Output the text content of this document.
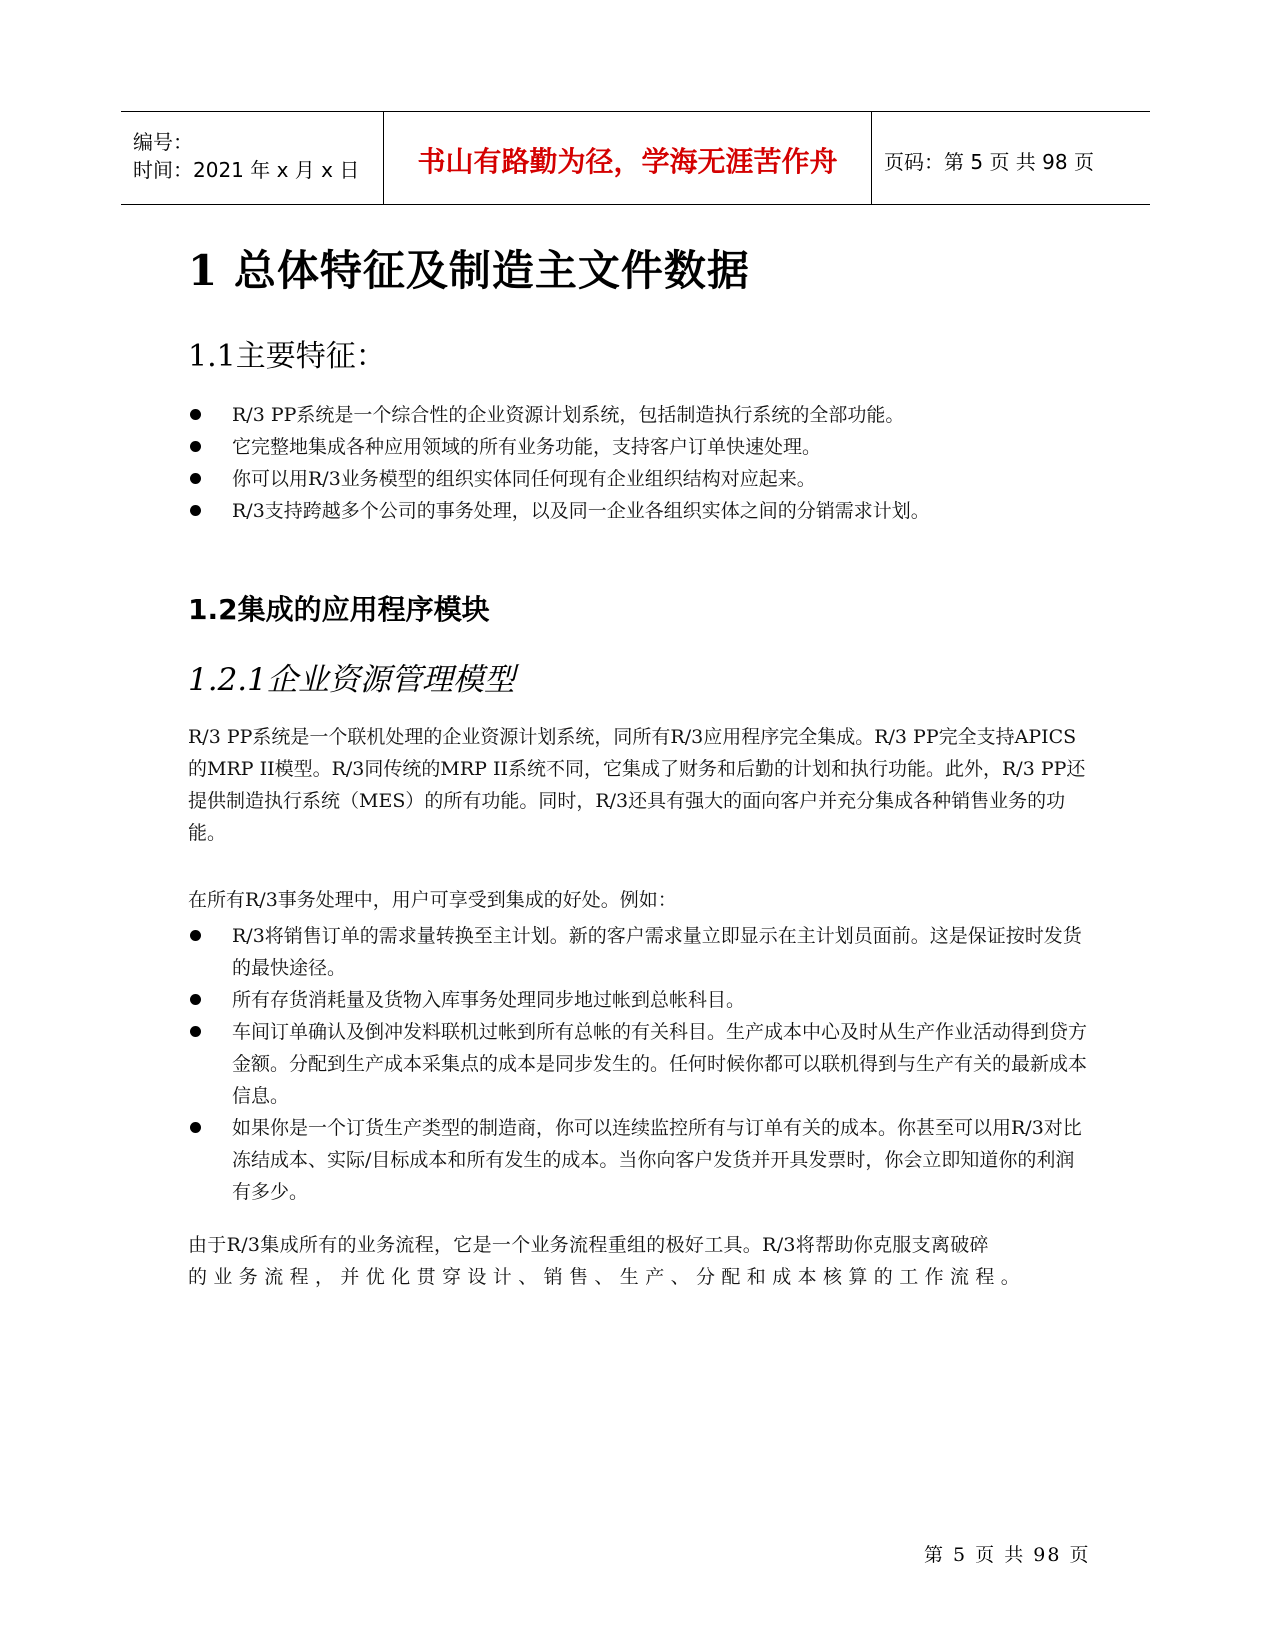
编号：
时间：2021 年 x 月 x 日	书山有路勤为径，学海无涯苦作舟	页码：第 5 页 共 98 页
1 总体特征及制造主文件数据
1.1主要特征：
R/3 PP系统是一个综合性的企业资源计划系统，包括制造执行系统的全部功能。
它完整地集成各种应用领域的所有业务功能，支持客户订单快速处理。
你可以用R/3业务模型的组织实体同任何现有企业组织结构对应起来。
R/3支持跨越多个公司的事务处理，以及同一企业各组织实体之间的分销需求计划。
1.2集成的应用程序模块
1.2.1企业资源管理模型

R/3 PP系统是一个联机处理的企业资源计划系统，同所有R/3应用程序完全集成。R/3 PP完全支持APICS的MRP II模型。R/3同传统的MRP II系统不同，它集成了财务和后勤的计划和执行功能。此外，R/3 PP还提供制造执行系统（MES）的所有功能。同时，R/3还具有强大的面向客户并充分集成各种销售业务的功能。

在所有R/3事务处理中，用户可享受到集成的好处。例如：

R/3将销售订单的需求量转换至主计划。新的客户需求量立即显示在主计划员面前。这是保证按时发货的最快途径。
所有存货消耗量及货物入库事务处理同步地过帐到总帐科目。
车间订单确认及倒冲发料联机过帐到所有总帐的有关科目。生产成本中心及时从生产作业活动得到贷方金额。分配到生产成本采集点的成本是同步发生的。任何时候你都可以联机得到与生产有关的最新成本信息。
如果你是一个订货生产类型的制造商，你可以连续监控所有与订单有关的成本。你甚至可以用R/3对比冻结成本、实际/目标成本和所有发生的成本。当你向客户发货并开具发票时，你会立即知道你的利润有多少。

由于R/3集成所有的业务流程，它是一个业务流程重组的极好工具。R/3将帮助你克服支离破碎
的业务流程，并优化贯穿设计、销售、生产、分配和成本核算的工作流程。

第 5 页 共 98 页
